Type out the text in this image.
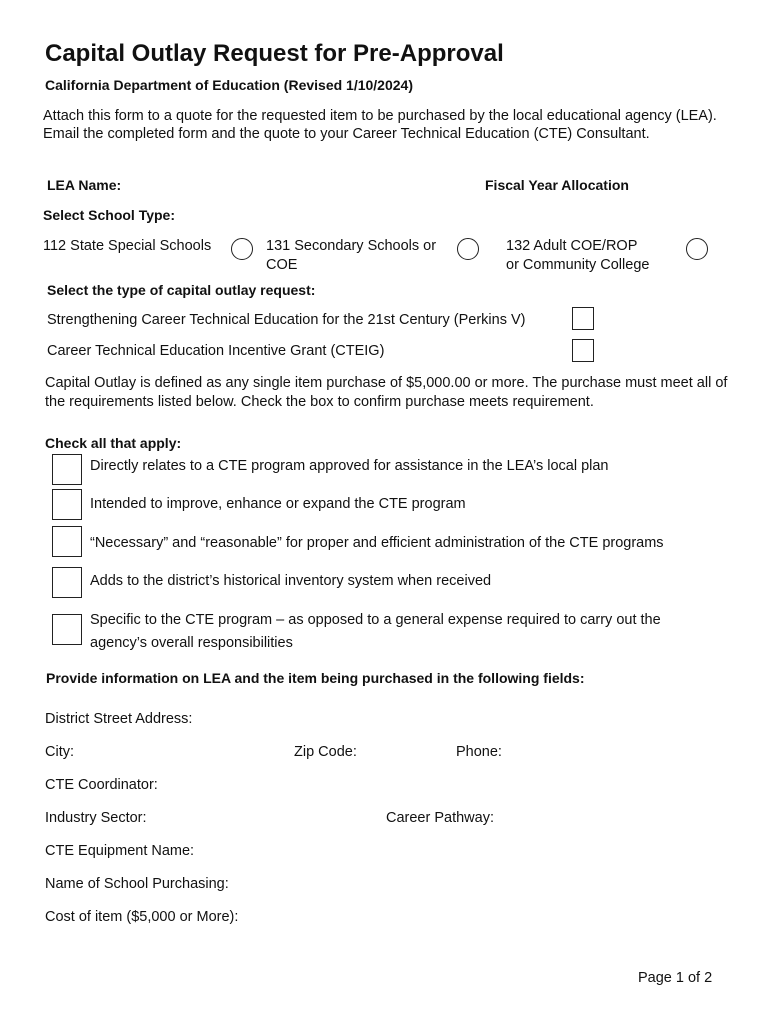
Capital Outlay Request for Pre-Approval
California Department of Education (Revised 1/10/2024)
Attach this form to a quote for the requested item to be purchased by the local educational agency (LEA).
Email the completed form and the quote to your Career Technical Education (CTE) Consultant.
LEA Name:	Fiscal Year Allocation
Select School Type:
112 State Special Schools	131 Secondary Schools or
COE
132 Adult COE/ROP
or Community College
Select the type of capital outlay request:
Strengthening Career Technical Education for the 21st Century (Perkins V)
Career Technical Education Incentive Grant (CTEIG)
Capital Outlay is defined as any single item purchase of $5,000.00 or more. The purchase must meet all of the requirements listed below. Check the box to confirm purchase meets requirement.
Check all that apply:
Directly relates to a CTE program approved for assistance in the LEA’s local plan
Intended to improve, enhance or expand the CTE program
“Necessary” and “reasonable” for proper and efficient administration of the CTE programs
Adds to the district’s historical inventory system when received
Specific to the CTE program – as opposed to a general expense required to carry out the agency’s overall responsibilities
Provide information on LEA and the item being purchased in the following fields:
District Street Address:
City:	Zip Code:	Phone:
CTE Coordinator:
Industry Sector:	Career Pathway:
CTE Equipment Name:
Name of School Purchasing:
Cost of item ($5,000 or More):
Page 1 of 2
